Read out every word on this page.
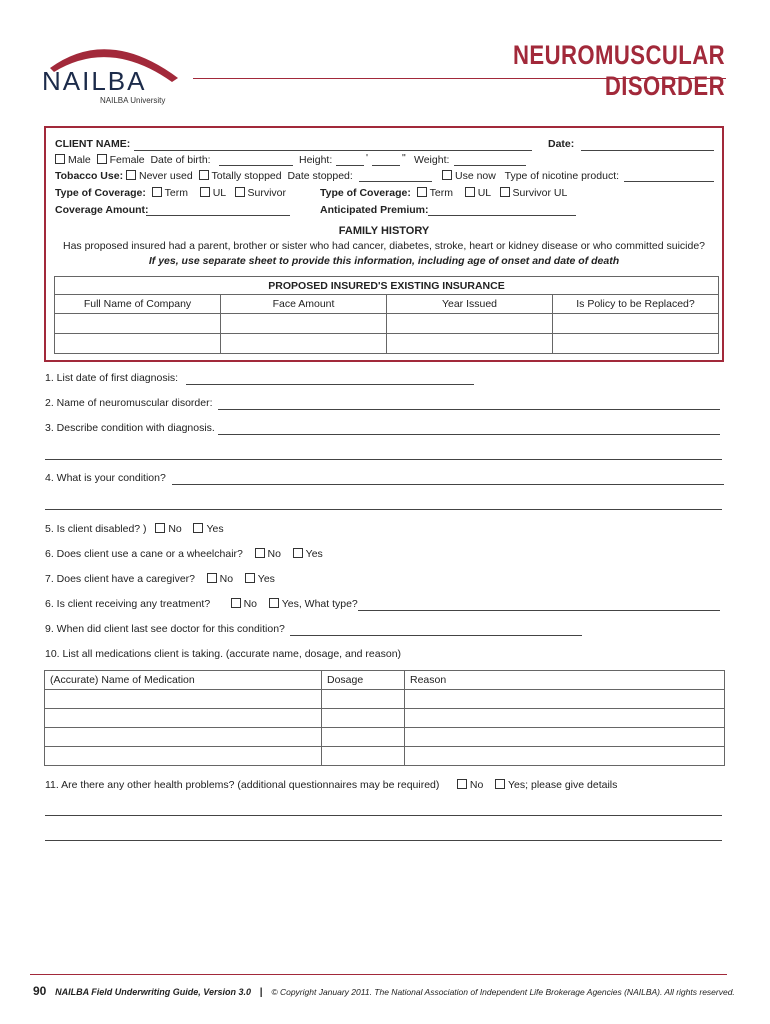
NAILBA
NAILBA University
NEUROMUSCULAR DISORDER
CLIENT NAME:	Date:
Male Female Date of birth:	Height:	'	" Weight:
Tobacco Use: Never used Totally stopped Date stopped:	Use now Type of nicotine product:
Type of Coverage: Term UL Survivor	Type of Coverage: Term UL Survivor UL
Coverage Amount:	Anticipated Premium:
FAMILY HISTORY
Has proposed insured had a parent, brother or sister who had cancer, diabetes, stroke, heart or kidney disease or who committed suicide?
If yes, use separate sheet to provide this information, including age of onset and date of death
PROPOSED INSURED'S EXISTING INSURANCE			
Full Name of Company	Face Amount	Year Issued	Is Policy to be Replaced?

1. List date of first diagnosis:
2. Name of neuromuscular disorder:
3. Describe condition with diagnosis.
4. What is your condition?
5. Is client disabled? ) No Yes
6. Does client use a cane or a wheelchair? No Yes
7. Does client have a caregiver? No Yes
6. Is client receiving any treatment?	No Yes, What type?
9. When did client last see doctor for this condition?
10. List all medications client is taking. (accurate name, dosage, and reason)
(Accurate) Name of Medication	Dosage	Reason

11. Are there any other health problems? (additional questionnaires may be required)	No Yes; please give details
90 NAILBA Field Underwriting Guide, Version 3.0 | © Copyright January 2011. The National Association of Independent Life Brokerage Agencies (NAILBA). All rights reserved.
